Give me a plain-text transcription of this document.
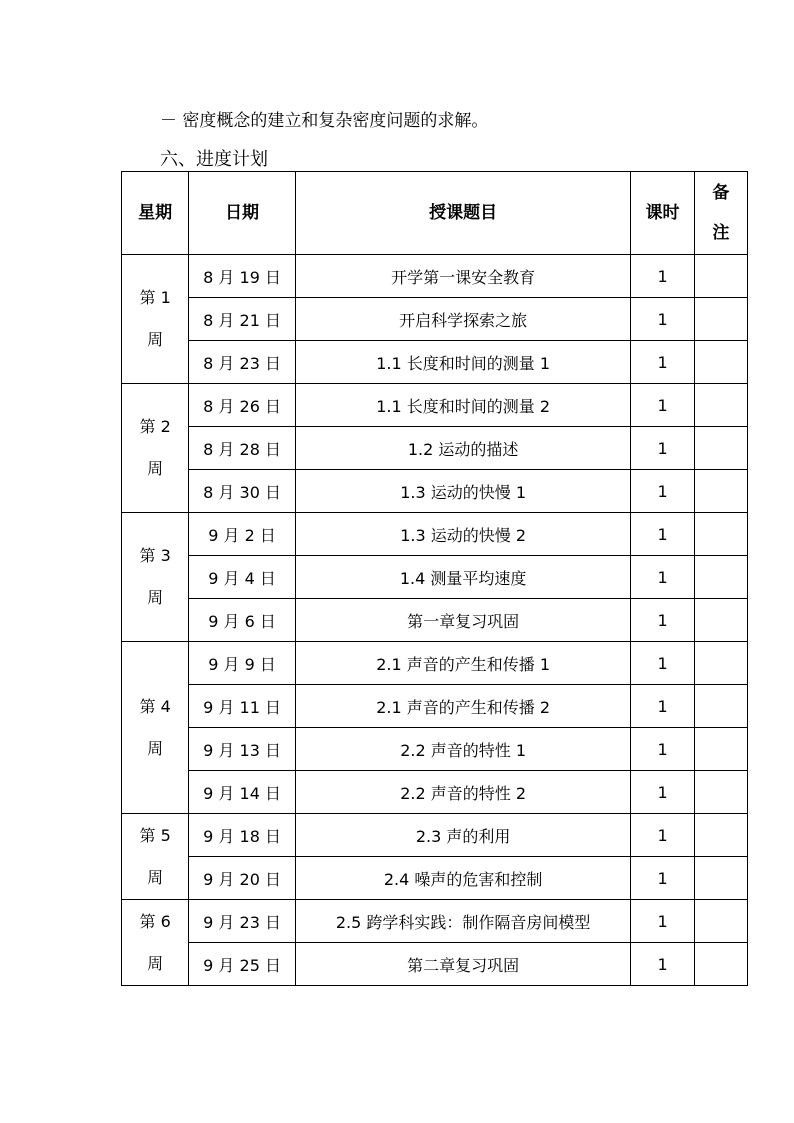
－ 密度概念的建立和复杂密度问题的求解。
六、进度计划
星期	日期	授课题目	课时	备
注

第 1
周	8 月 19 日	开学第一课安全教育	1	
	8 月 21 日	开启科学探索之旅	1	
	8 月 23 日	1.1 长度和时间的测量 1	1	

第 2
周	8 月 26 日	1.1 长度和时间的测量 2	1	
	8 月 28 日	1.2 运动的描述	1	
	8 月 30 日	1.3 运动的快慢 1	1	

第 3
周	9 月 2 日	1.3 运动的快慢 2	1	
	9 月 4 日	1.4 测量平均速度	1	
	9 月 6 日	第一章复习巩固	1	

第 4
周	9 月 9 日	2.1 声音的产生和传播 1	1	
	9 月 11 日	2.1 声音的产生和传播 2	1	
	9 月 13 日	2.2 声音的特性 1	1	
	9 月 14 日	2.2 声音的特性 2	1	

第 5
周	9 月 18 日	2.3 声的利用	1	
	9 月 20 日	2.4 噪声的危害和控制	1	

第 6
周	9 月 23 日	2.5 跨学科实践：制作隔音房间模型	1	
	9 月 25 日	第二章复习巩固	1	
